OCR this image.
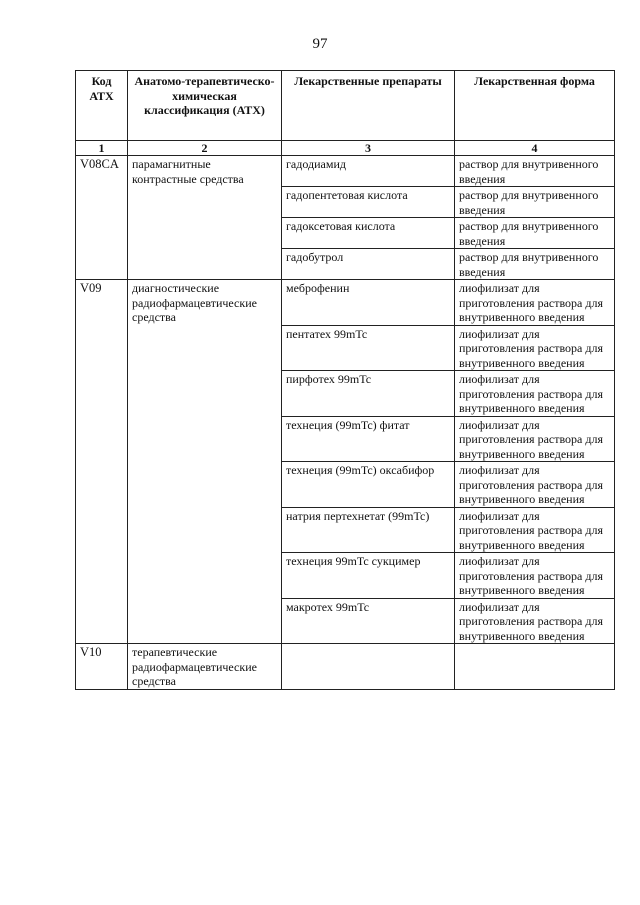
97
Код АТХ	Анатомо-терапевтическо-химическая классификация (АТХ)	Лекарственные препараты	Лекарственная форма
1	2	3	4
V08CA	парамагнитные контрастные средства	гадодиамид	раствор для внутривенного введения
		гадопентетовая кислота	раствор для внутривенного введения
		гадоксетовая кислота	раствор для внутривенного введения
		гадобутрол	раствор для внутривенного введения
V09	диагностические радиофармацевтические средства	меброфенин	лиофилизат для приготовления раствора для внутривенного введения
		пентатех 99mTc	лиофилизат для приготовления раствора для внутривенного введения
		пирфотех 99mTc	лиофилизат для приготовления раствора для внутривенного введения
		технеция (99mTc) фитат	лиофилизат для приготовления раствора для внутривенного введения
		технеция (99mTc) оксабифор	лиофилизат для приготовления раствора для внутривенного введения
		натрия пертехнетат (99mTc)	лиофилизат для приготовления раствора для внутривенного введения
		технеция 99mTc сукцимер	лиофилизат для приготовления раствора для внутривенного введения
		макротех 99mTc	лиофилизат для приготовления раствора для внутривенного введения
V10	терапевтические радиофармацевтические средства		
